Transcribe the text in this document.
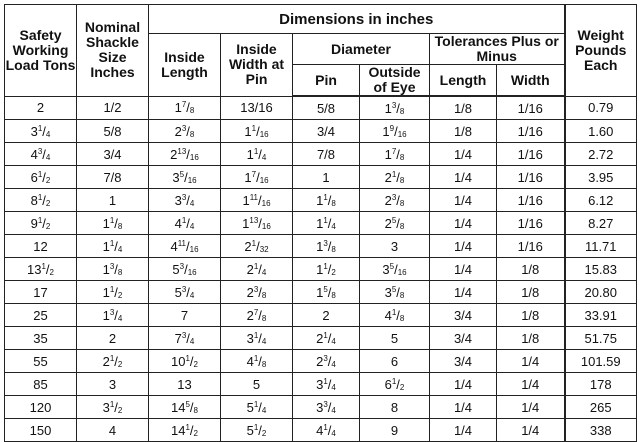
Safety Working Load Tons	Nominal Shackle Size Inches	Dimensions in inches						Weight Pounds Each
		Inside Length	Inside Width at Pin	Diameter		Tolerances Plus or Minus		
				Pin	Outside of Eye	Length	Width	
2	1/2	$1^7/_8$	13/16	5/8	$1^3/_8$	1/8	1/16	0.79
$3^1/_4$	5/8	$2^3/_8$	$1^1/_{16}$	3/4	$1^9/_{16}$	1/8	1/16	1.60
$4^3/_4$	3/4	$2^{13}/_{16}$	$1^1/_4$	7/8	$1^7/_8$	1/4	1/16	2.72
$6^1/_2$	7/8	$3^5/_{16}$	$1^7/_{16}$	1	$2^1/_8$	1/4	1/16	3.95
$8^1/_2$	1	$3^3/_4$	$1^{11}/_{16}$	$1^1/_8$	$2^3/_8$	1/4	1/16	6.12
$9^1/_2$	$1^1/_8$	$4^1/_4$	$1^{13}/_{16}$	$1^1/_4$	$2^5/_8$	1/4	1/16	8.27
12	$1^1/_4$	$4^{11}/_{16}$	$2^1/_{32}$	$1^3/_8$	3	1/4	1/16	11.71
$13^1/_2$	$1^3/_8$	$5^3/_{16}$	$2^1/_4$	$1^1/_2$	$3^5/_{16}$	1/4	1/8	15.83
17	$1^1/_2$	$5^3/_4$	$2^3/_8$	$1^5/_8$	$3^5/_8$	1/4	1/8	20.80
25	$1^3/_4$	7	$2^7/_8$	2	$4^1/_8$	3/4	1/8	33.91
35	2	$7^3/_4$	$3^1/_4$	$2^1/_4$	5	3/4	1/8	51.75
55	$2^1/_2$	$10^1/_2$	$4^1/_8$	$2^3/_4$	6	3/4	1/4	101.59
85	3	13	5	$3^1/_4$	$6^1/_2$	1/4	1/4	178
120	$3^1/_2$	$14^5/_8$	$5^1/_4$	$3^3/_4$	8	1/4	1/4	265
150	4	$14^1/_2$	$5^1/_2$	$4^1/_4$	9	1/4	1/4	338
